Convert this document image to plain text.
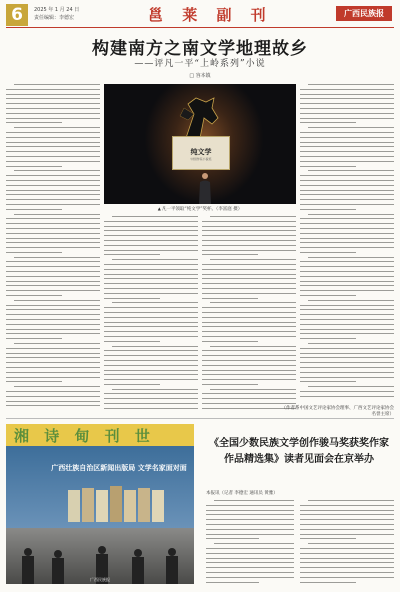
6	2025 年 1 月 24 日
责任编辑：李德宏	邕 莱 副 刊	广西民族报
构建南方之南文学地理故乡
——评凡一平“上岭系列”小说
□ 容本镇
纯文学
中国作家小说奖
▲ 凡一平领取“纯文学”奖杯。（李富庭 摄）
（作者系中国文艺评论家协会理事、广西文艺评论家协会名誉主席）
湘 诗 甸 刊 世
广西壮族自治区新闻出版局 文学名家面对面
广西民族报
《全国少数民族文学创作骏马奖获奖作家作品精选集》读者见面会在京举办
本报讯（记者 李德宏 通讯员 黄雅）
